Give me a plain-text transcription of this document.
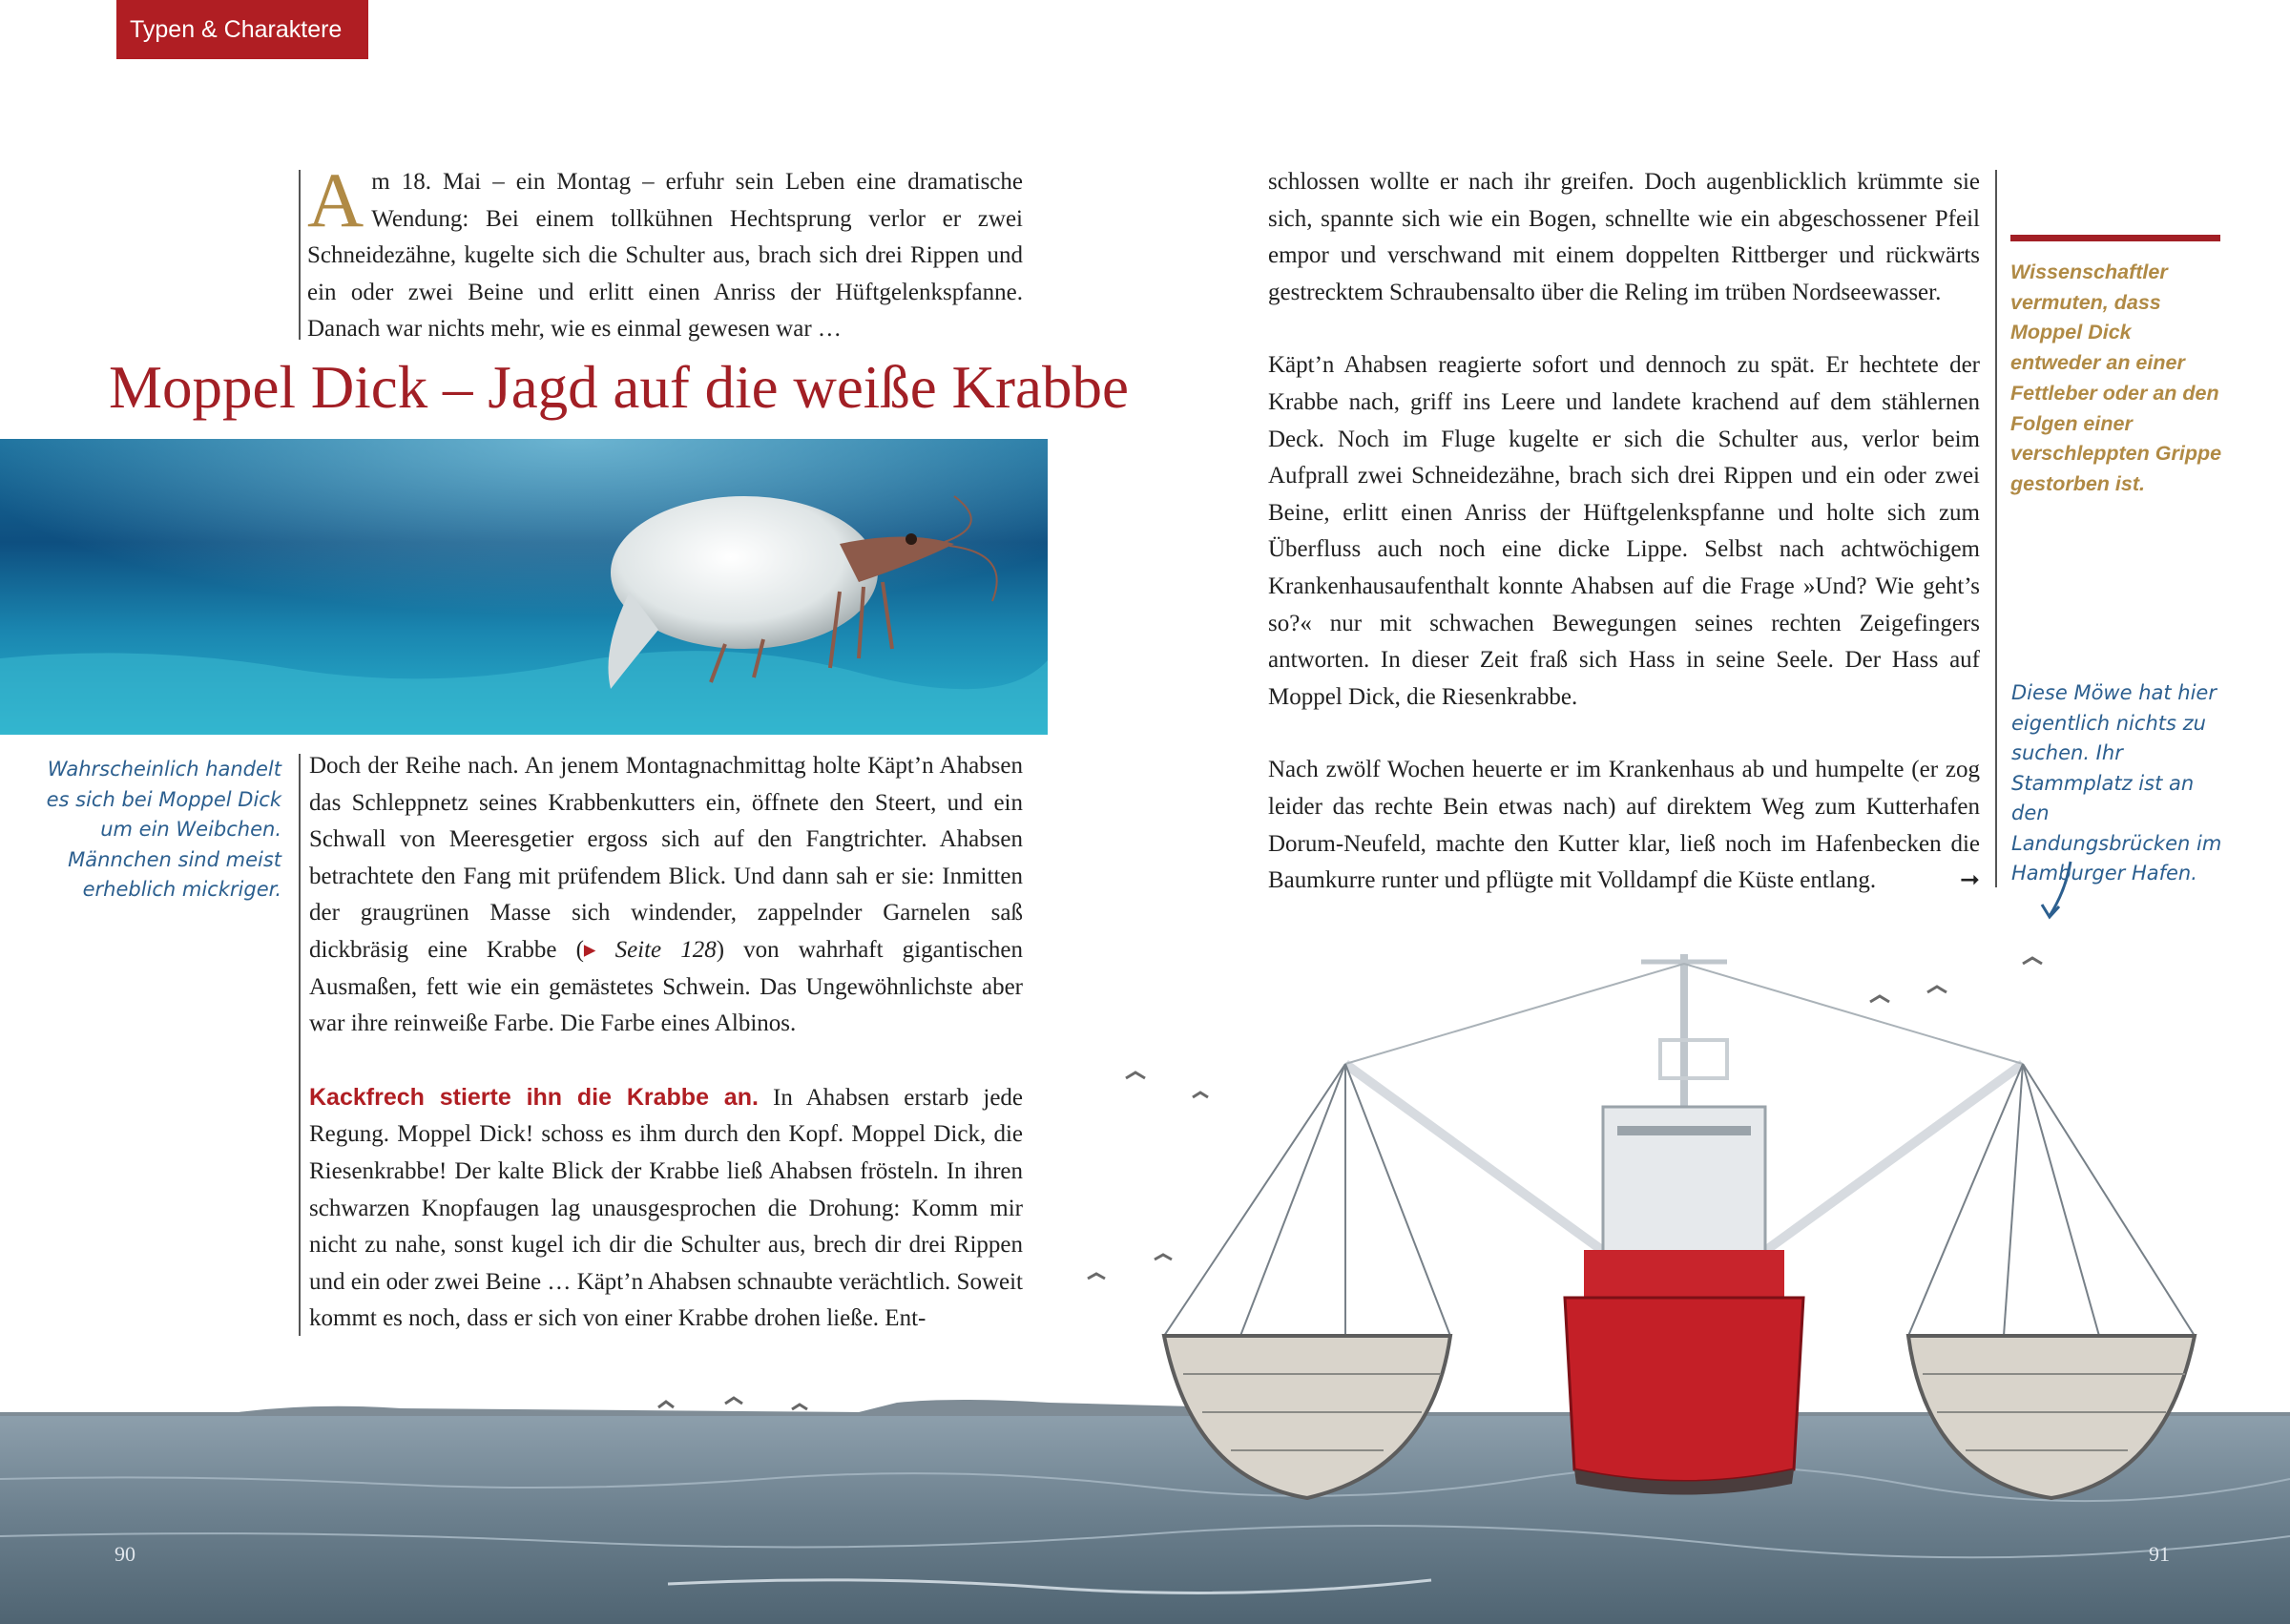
Typen & Charaktere
Am 18. Mai – ein Montag – erfuhr sein Leben eine dramatische Wendung: Bei einem tollkühnen Hechtsprung verlor er zwei Schneidezähne, kugelte sich die Schulter aus, brach sich drei Rippen und ein oder zwei Beine und erlitt einen Anriss der Hüftgelenkspfanne. Danach war nichts mehr, wie es einmal gewesen war …
Moppel Dick – Jagd auf die weiße Krabbe
Wahrscheinlich handelt es sich bei Moppel Dick um ein Weibchen. Männchen sind meist erheblich mickriger.

Doch der Reihe nach. An jenem Montagnachmittag holte Käpt’n Ahabsen das Schleppnetz seines Krabbenkutters ein, öffnete den Steert, und ein Schwall von Meeresgetier ergoss sich auf den Fangtrichter. Ahabsen betrachtete den Fang mit prüfendem Blick. Und dann sah er sie: Inmitten der graugrünen Masse sich windender, zappelnder Garnelen saß dickbräsig eine Krabbe (▸ Seite 128) von wahrhaft gigantischen Ausmaßen, fett wie ein gemästetes Schwein. Das Ungewöhnlichste aber war ihre reinweiße Farbe. Die Farbe eines Albinos.

Kackfrech stierte ihn die Krabbe an. In Ahabsen erstarb jede Regung. Moppel Dick! schoss es ihm durch den Kopf. Moppel Dick, die Riesenkrabbe! Der kalte Blick der Krabbe ließ Ahabsen frösteln. In ihren schwarzen Knopfaugen lag unausgesprochen die Drohung: Komm mir nicht zu nahe, sonst kugel ich dir die Schulter aus, brech dir drei Rippen und ein oder zwei Beine … Käpt’n Ahabsen schnaubte verächtlich. Soweit kommt es noch, dass er sich von einer Krabbe drohen ließe. Ent-

schlossen wollte er nach ihr greifen. Doch augenblicklich krümmte sie sich, spannte sich wie ein Bogen, schnellte wie ein abgeschossener Pfeil empor und verschwand mit einem doppelten Rittberger und rückwärts gestrecktem Schraubensalto über die Reling im trüben Nordseewasser.

Käpt’n Ahabsen reagierte sofort und dennoch zu spät. Er hechtete der Krabbe nach, griff ins Leere und landete krachend auf dem stählernen Deck. Noch im Fluge kugelte er sich die Schulter aus, verlor beim Aufprall zwei Schneidezähne, brach sich drei Rippen und ein oder zwei Beine, erlitt einen Anriss der Hüftgelenkspfanne und holte sich zum Überfluss auch noch eine dicke Lippe. Selbst nach achtwöchigem Krankenhausaufenthalt konnte Ahabsen auf die Frage »Und? Wie geht’s so?« nur mit schwachen Bewegungen seines rechten Zeigefingers antworten. In dieser Zeit fraß sich Hass in seine Seele. Der Hass auf Moppel Dick, die Riesenkrabbe.

Nach zwölf Wochen heuerte er im Krankenhaus ab und humpelte (er zog leider das rechte Bein etwas nach) auf direktem Weg zum Kutterhafen Dorum-Neufeld, machte den Kutter klar, ließ noch im Hafenbecken die Baumkurre runter und pflügte mit Volldampf die Küste entlang.	➞

Wissenschaftler vermuten, dass Moppel Dick entweder an einer Fettleber oder an den Folgen einer verschleppten Grippe gestorben ist.
Diese Möwe hat hier eigentlich nichts zu suchen. Ihr Stammplatz ist an den Landungsbrücken im Hamburger Hafen.
90	91
